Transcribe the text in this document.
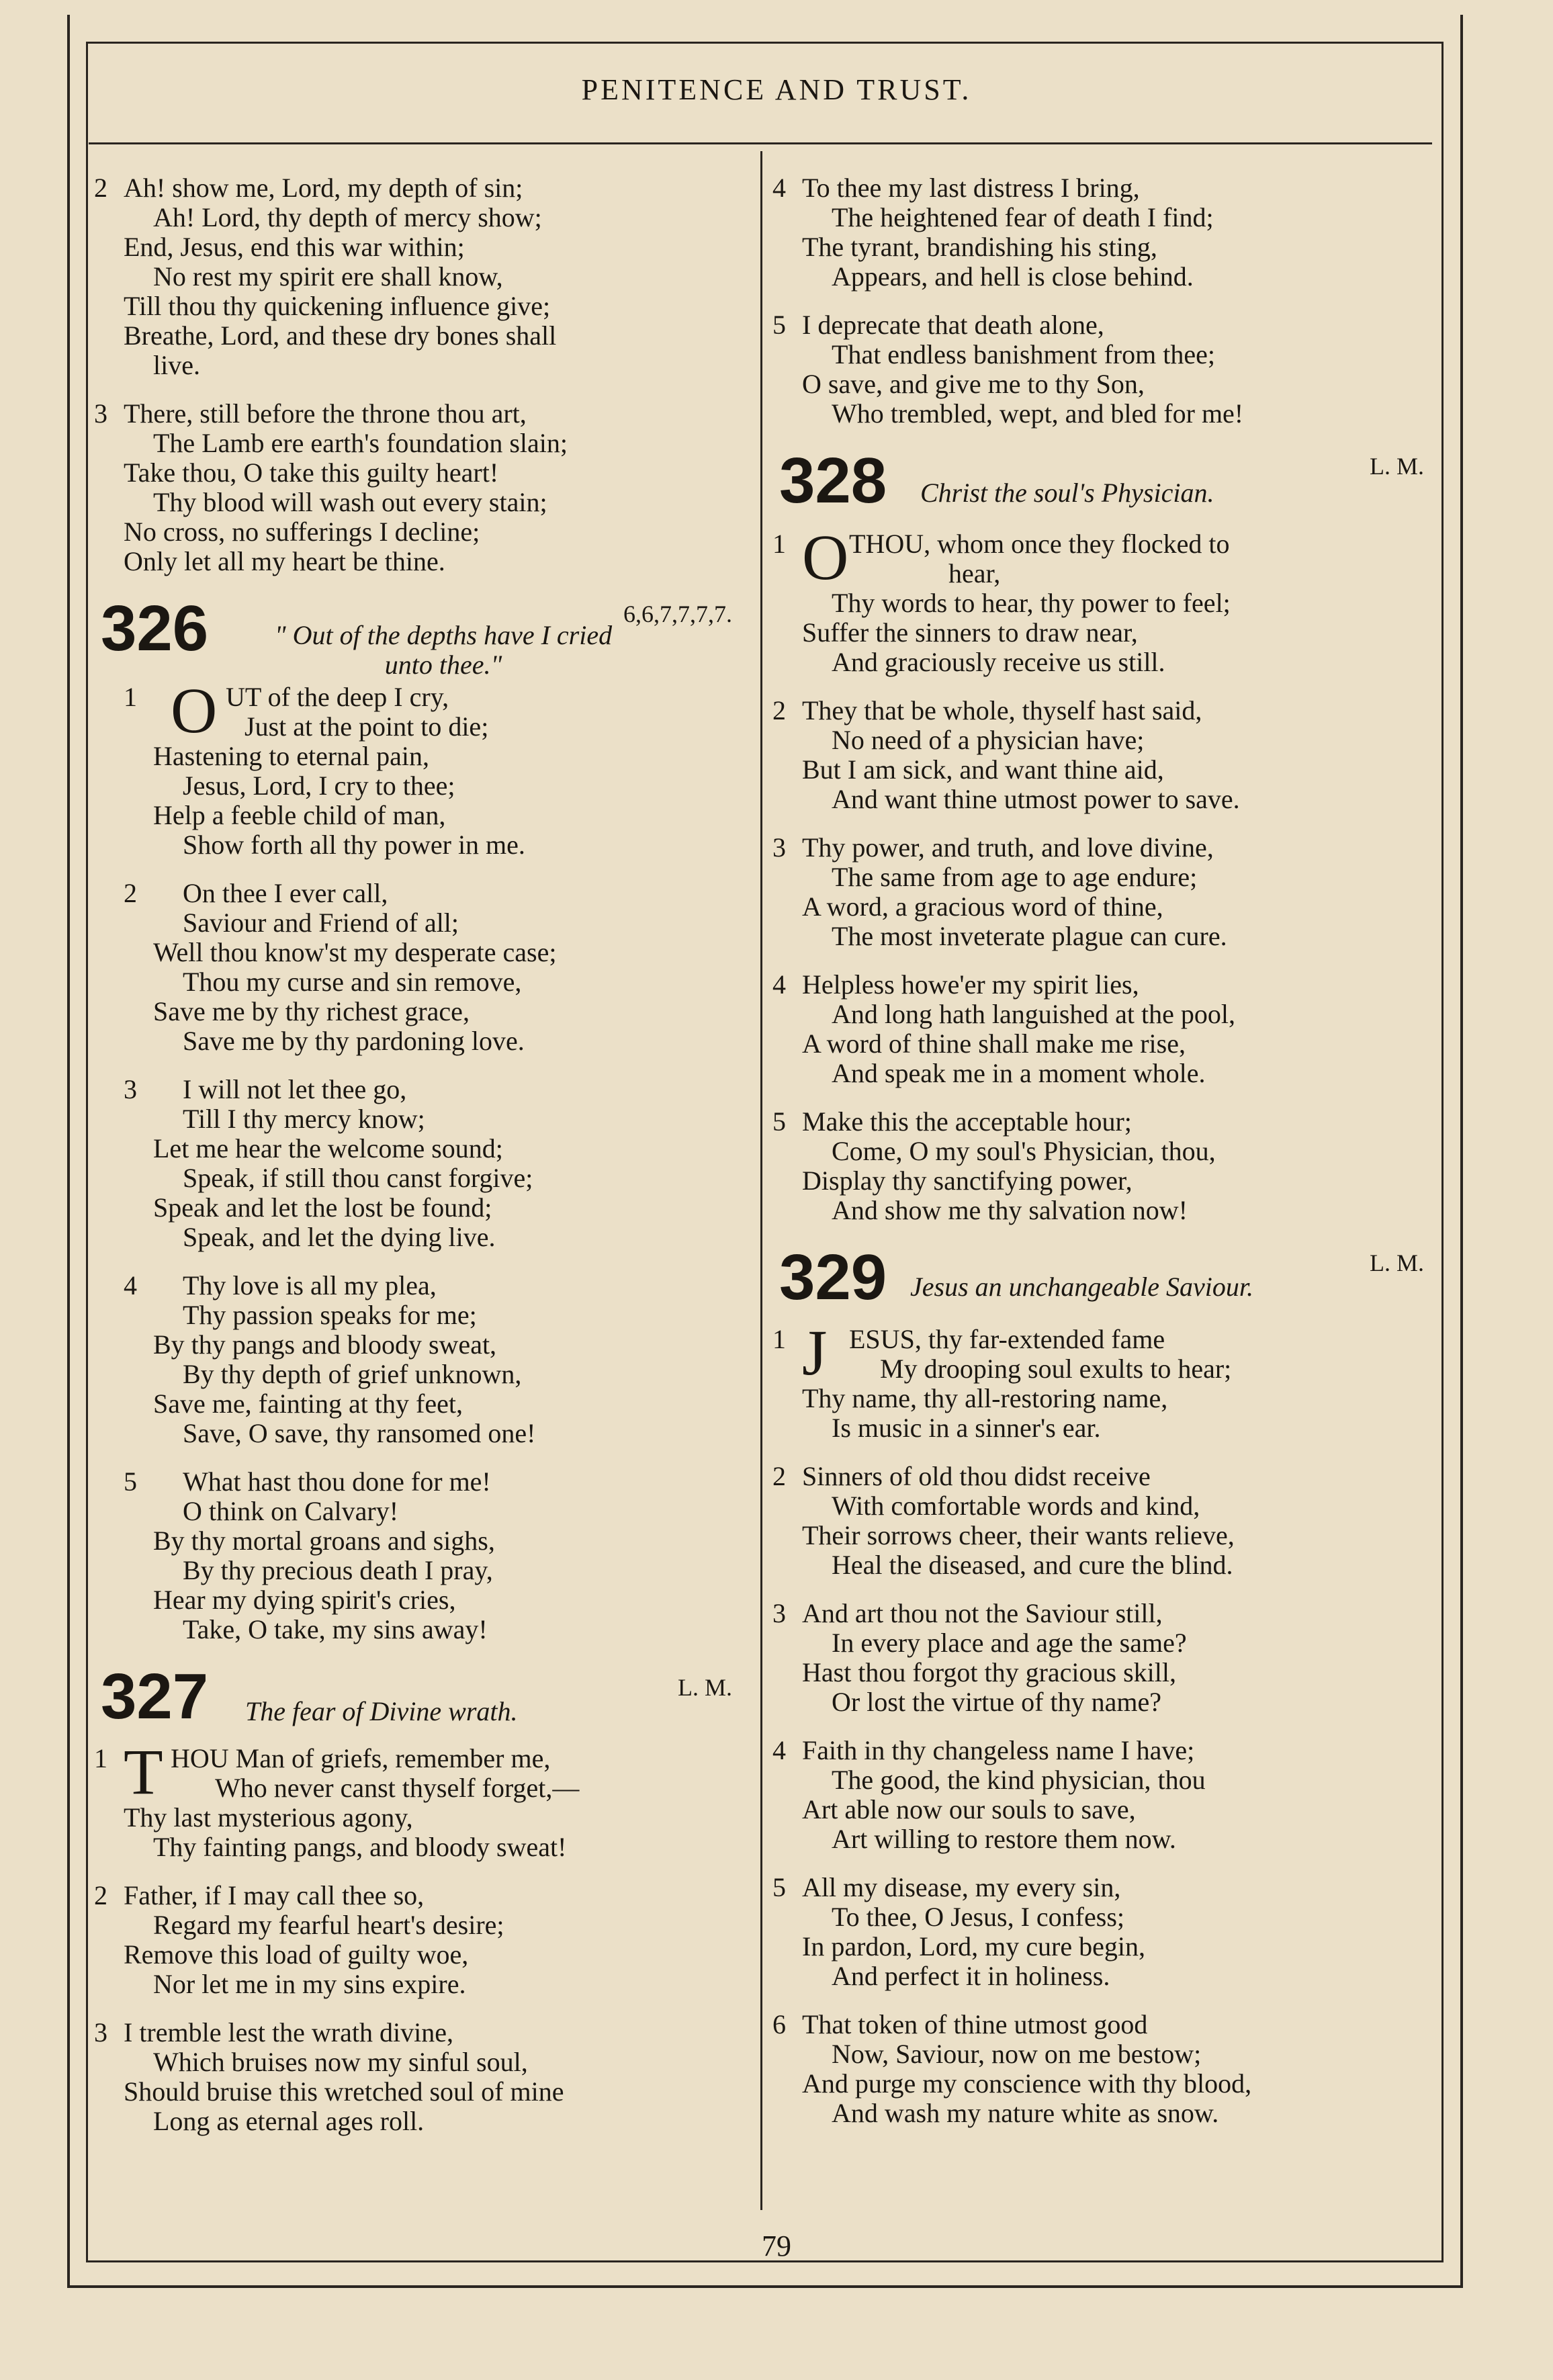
PENITENCE AND TRUST.
2 Ah! show me, Lord, my depth of sin;
Ah! Lord, thy depth of mercy show;
End, Jesus, end this war within;
No rest my spirit ere shall know,
Till thou thy quickening influence give;
Breathe, Lord, and these dry bones shall
live.
3 There, still before the throne thou art,
The Lamb ere earth's foundation slain;
Take thou, O take this guilty heart!
Thy blood will wash out every stain;
No cross, no sufferings I decline;
Only let all my heart be thine.
326	6,6,7,7,7,7.
" Out of the depths have I cried
unto thee."
O
1	UT of the deep I cry,
Just at the point to die;
Hastening to eternal pain,
Jesus, Lord, I cry to thee;
Help a feeble child of man,
Show forth all thy power in me.
2 On thee I ever call,
Saviour and Friend of all;
Well thou know'st my desperate case;
Thou my curse and sin remove,
Save me by thy richest grace,
Save me by thy pardoning love.
3 I will not let thee go,
Till I thy mercy know;
Let me hear the welcome sound;
Speak, if still thou canst forgive;
Speak and let the lost be found;
Speak, and let the dying live.
4 Thy love is all my plea,
Thy passion speaks for me;
By thy pangs and bloody sweat,
By thy depth of grief unknown,
Save me, fainting at thy feet,
Save, O save, thy ransomed one!
5 What hast thou done for me!
O think on Calvary!
By thy mortal groans and sighs,
By thy precious death I pray,
Hear my dying spirit's cries,
Take, O take, my sins away!
327	L. M.
The fear of Divine wrath.
T
1 HOU Man of griefs, remember me,
Who never canst thyself forget,—
Thy last mysterious agony,
Thy fainting pangs, and bloody sweat!
2 Father, if I may call thee so,
Regard my fearful heart's desire;
Remove this load of guilty woe,
Nor let me in my sins expire.
3 I tremble lest the wrath divine,
Which bruises now my sinful soul,
Should bruise this wretched soul of mine
Long as eternal ages roll.
4 To thee my last distress I bring,
The heightened fear of death I find;
The tyrant, brandishing his sting,
Appears, and hell is close behind.
5 I deprecate that death alone,
That endless banishment from thee;
O save, and give me to thy Son,
Who trembled, wept, and bled for me!
328	L. M.
Christ the soul's Physician.
O
1 THOU, whom once they flocked to
hear,
Thy words to hear, thy power to feel;
Suffer the sinners to draw near,
And graciously receive us still.
2 They that be whole, thyself hast said,
No need of a physician have;
But I am sick, and want thine aid,
And want thine utmost power to save.
3 Thy power, and truth, and love divine,
The same from age to age endure;
A word, a gracious word of thine,
The most inveterate plague can cure.
4 Helpless howe'er my spirit lies,
And long hath languished at the pool,
A word of thine shall make me rise,
And speak me in a moment whole.
5 Make this the acceptable hour;
Come, O my soul's Physician, thou,
Display thy sanctifying power,
And show me thy salvation now!
329	L. M.
Jesus an unchangeable Saviour.
J
1 ESUS, thy far-extended fame
My drooping soul exults to hear;
Thy name, thy all-restoring name,
Is music in a sinner's ear.
2 Sinners of old thou didst receive
With comfortable words and kind,
Their sorrows cheer, their wants relieve,
Heal the diseased, and cure the blind.
3 And art thou not the Saviour still,
In every place and age the same?
Hast thou forgot thy gracious skill,
Or lost the virtue of thy name?
4 Faith in thy changeless name I have;
The good, the kind physician, thou
Art able now our souls to save,
Art willing to restore them now.
5 All my disease, my every sin,
To thee, O Jesus, I confess;
In pardon, Lord, my cure begin,
And perfect it in holiness.
6 That token of thine utmost good
Now, Saviour, now on me bestow;
And purge my conscience with thy blood,
And wash my nature white as snow.
79
